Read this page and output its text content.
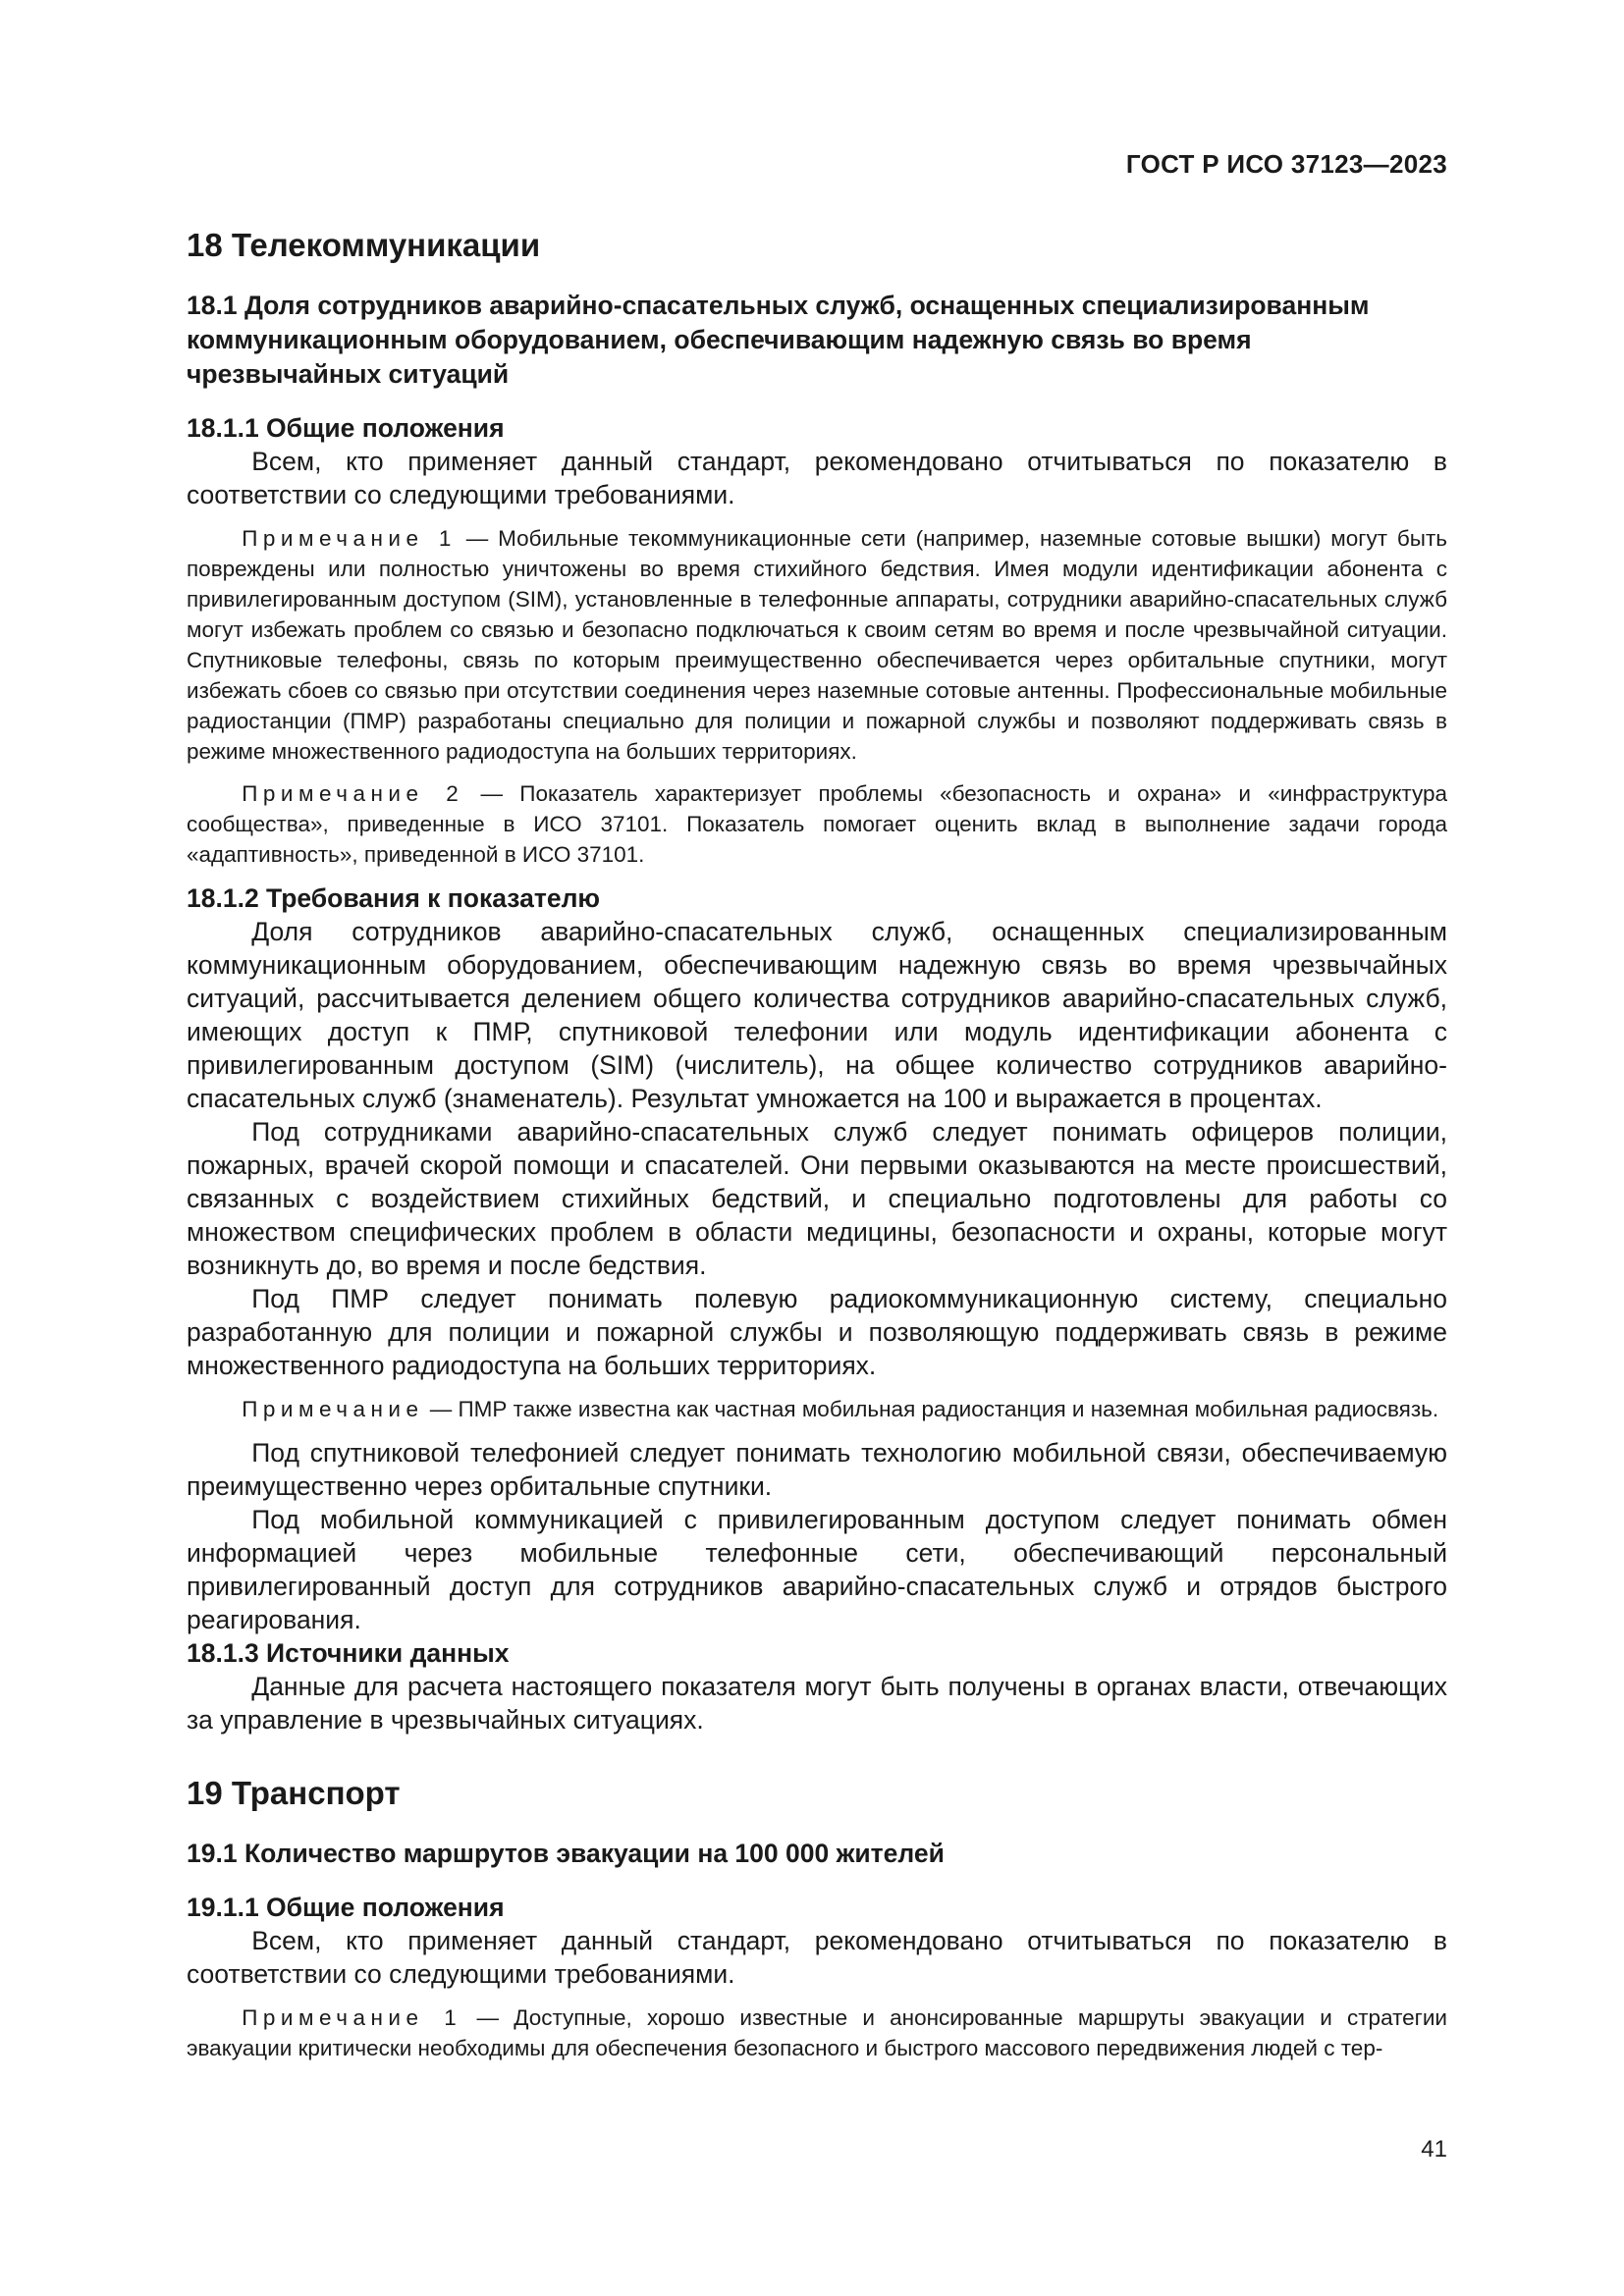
ГОСТ Р ИСО 37123—2023
18 Телекоммуникации
18.1 Доля сотрудников аварийно-спасательных служб, оснащенных специализированным коммуникационным оборудованием, обеспечивающим надежную связь во время чрезвычайных ситуаций
18.1.1 Общие положения

Всем, кто применяет данный стандарт, рекомендовано отчитываться по показателю в соответствии со следующими требованиями.

Примечание 1 — Мобильные текоммуникационные сети (например, наземные сотовые вышки) могут быть повреждены или полностью уничтожены во время стихийного бедствия. Имея модули идентификации абонента с привилегированным доступом (SIM), установленные в телефонные аппараты, сотрудники аварийно-спасательных служб могут избежать проблем со связью и безопасно подключаться к своим сетям во время и после чрезвычайной ситуации. Спутниковые телефоны, связь по которым преимущественно обеспечивается через орбитальные спутники, могут избежать сбоев со связью при отсутствии соединения через наземные сотовые антенны. Профессиональные мобильные радиостанции (ПМР) разработаны специально для полиции и пожарной службы и позволяют поддерживать связь в режиме множественного радиодоступа на больших территориях.

Примечание 2 — Показатель характеризует проблемы «безопасность и охрана» и «инфраструктура сообщества», приведенные в ИСО 37101. Показатель помогает оценить вклад в выполнение задачи города «адаптивность», приведенной в ИСО 37101.

18.1.2 Требования к показателю

Доля сотрудников аварийно-спасательных служб, оснащенных специализированным коммуникационным оборудованием, обеспечивающим надежную связь во время чрезвычайных ситуаций, рассчитывается делением общего количества сотрудников аварийно-спасательных служб, имеющих доступ к ПМР, спутниковой телефонии или модуль идентификации абонента с привилегированным доступом (SIM) (числитель), на общее количество сотрудников аварийно-спасательных служб (знаменатель). Результат умножается на 100 и выражается в процентах.

Под сотрудниками аварийно-спасательных служб следует понимать офицеров полиции, пожарных, врачей скорой помощи и спасателей. Они первыми оказываются на месте происшествий, связанных с воздействием стихийных бедствий, и специально подготовлены для работы со множеством специфических проблем в области медицины, безопасности и охраны, которые могут возникнуть до, во время и после бедствия.

Под ПМР следует понимать полевую радиокоммуникационную систему, специально разработанную для полиции и пожарной службы и позволяющую поддерживать связь в режиме множественного радиодоступа на больших территориях.

Примечание — ПМР также известна как частная мобильная радиостанция и наземная мобильная радиосвязь.

Под спутниковой телефонией следует понимать технологию мобильной связи, обеспечиваемую преимущественно через орбитальные спутники.

Под мобильной коммуникацией с привилегированным доступом следует понимать обмен информацией через мобильные телефонные сети, обеспечивающий персональный привилегированный доступ для сотрудников аварийно-спасательных служб и отрядов быстрого реагирования.

18.1.3 Источники данных

Данные для расчета настоящего показателя могут быть получены в органах власти, отвечающих за управление в чрезвычайных ситуациях.

19 Транспорт
19.1 Количество маршрутов эвакуации на 100 000 жителей
19.1.1 Общие положения

Всем, кто применяет данный стандарт, рекомендовано отчитываться по показателю в соответствии со следующими требованиями.

Примечание 1 — Доступные, хорошо известные и анонсированные маршруты эвакуации и стратегии эвакуации критически необходимы для обеспечения безопасного и быстрого массового передвижения людей с тер-

41
